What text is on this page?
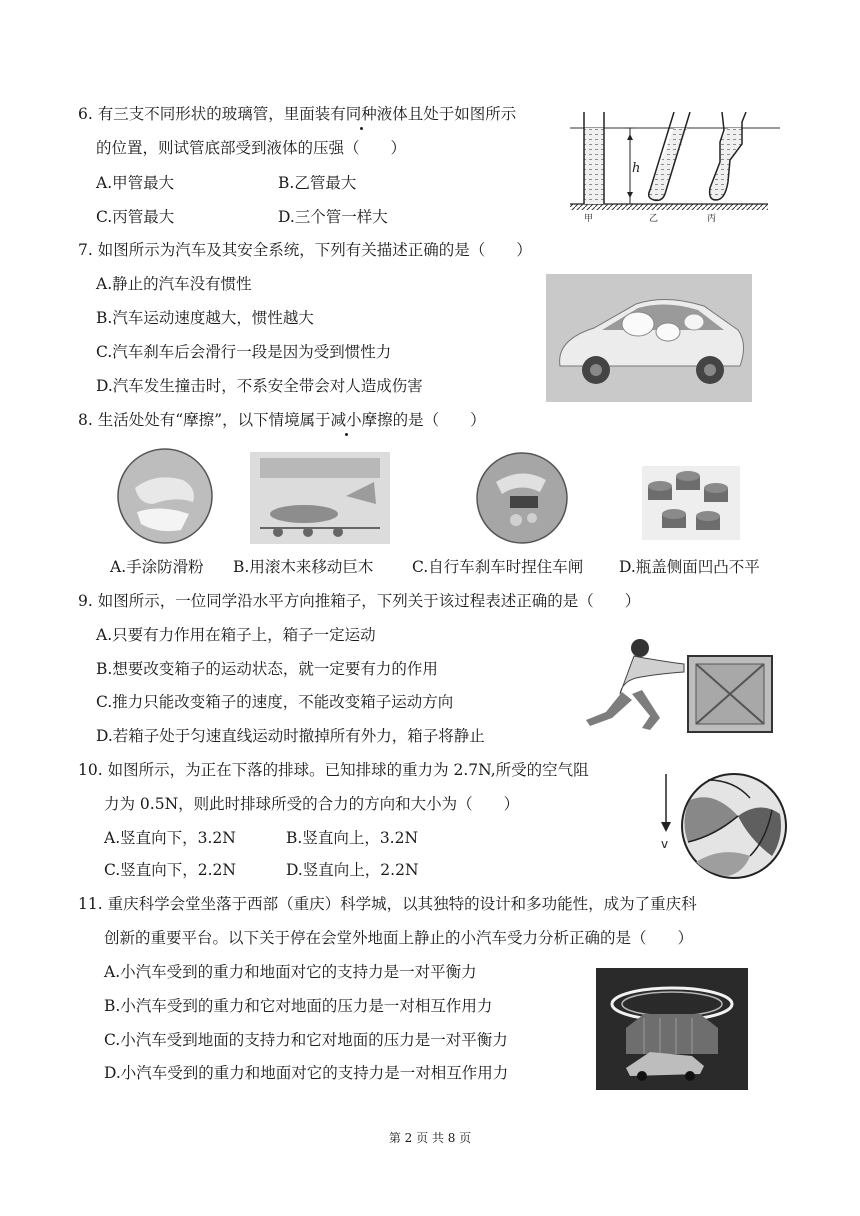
6. 有三支不同形状的玻璃管，里面装有同种液体且处于如图所示
的位置，则试管底部受到液体的压强（　　）
A.甲管最大	B.乙管最大
C.丙管最大	D.三个管一样大
h
甲	乙	丙
7. 如图所示为汽车及其安全系统，下列有关描述正确的是（　　）
A.静止的汽车没有惯性
B.汽车运动速度越大，惯性越大
C.汽车刹车后会滑行一段是因为受到惯性力
D.汽车发生撞击时，不系安全带会对人造成伤害
8. 生活处处有“摩擦”，以下情境属于减小摩擦的是（　　）
A.手涂防滑粉 B.用滚木来移动巨木 C.自行车刹车时捏住车闸 D.瓶盖侧面凹凸不平
9. 如图所示，一位同学沿水平方向推箱子，下列关于该过程表述正确的是（　　）
A.只要有力作用在箱子上，箱子一定运动
B.想要改变箱子的运动状态，就一定要有力的作用
C.推力只能改变箱子的速度，不能改变箱子运动方向
D.若箱子处于匀速直线运动时撤掉所有外力，箱子将静止
10. 如图所示，为正在下落的排球。已知排球的重力为 2.7N,所受的空气阻
力为 0.5N，则此时排球所受的合力的方向和大小为（　　）
A.竖直向下，3.2N	B.竖直向上，3.2N
C.竖直向下，2.2N	D.竖直向上，2.2N
v
11. 重庆科学会堂坐落于西部（重庆）科学城，以其独特的设计和多功能性，成为了重庆科
创新的重要平台。以下关于停在会堂外地面上静止的小汽车受力分析正确的是（　　）
A.小汽车受到的重力和地面对它的支持力是一对平衡力
B.小汽车受到的重力和它对地面的压力是一对相互作用力
C.小汽车受到地面的支持力和它对地面的压力是一对平衡力
D.小汽车受到的重力和地面对它的支持力是一对相互作用力
第 2 页 共 8 页
